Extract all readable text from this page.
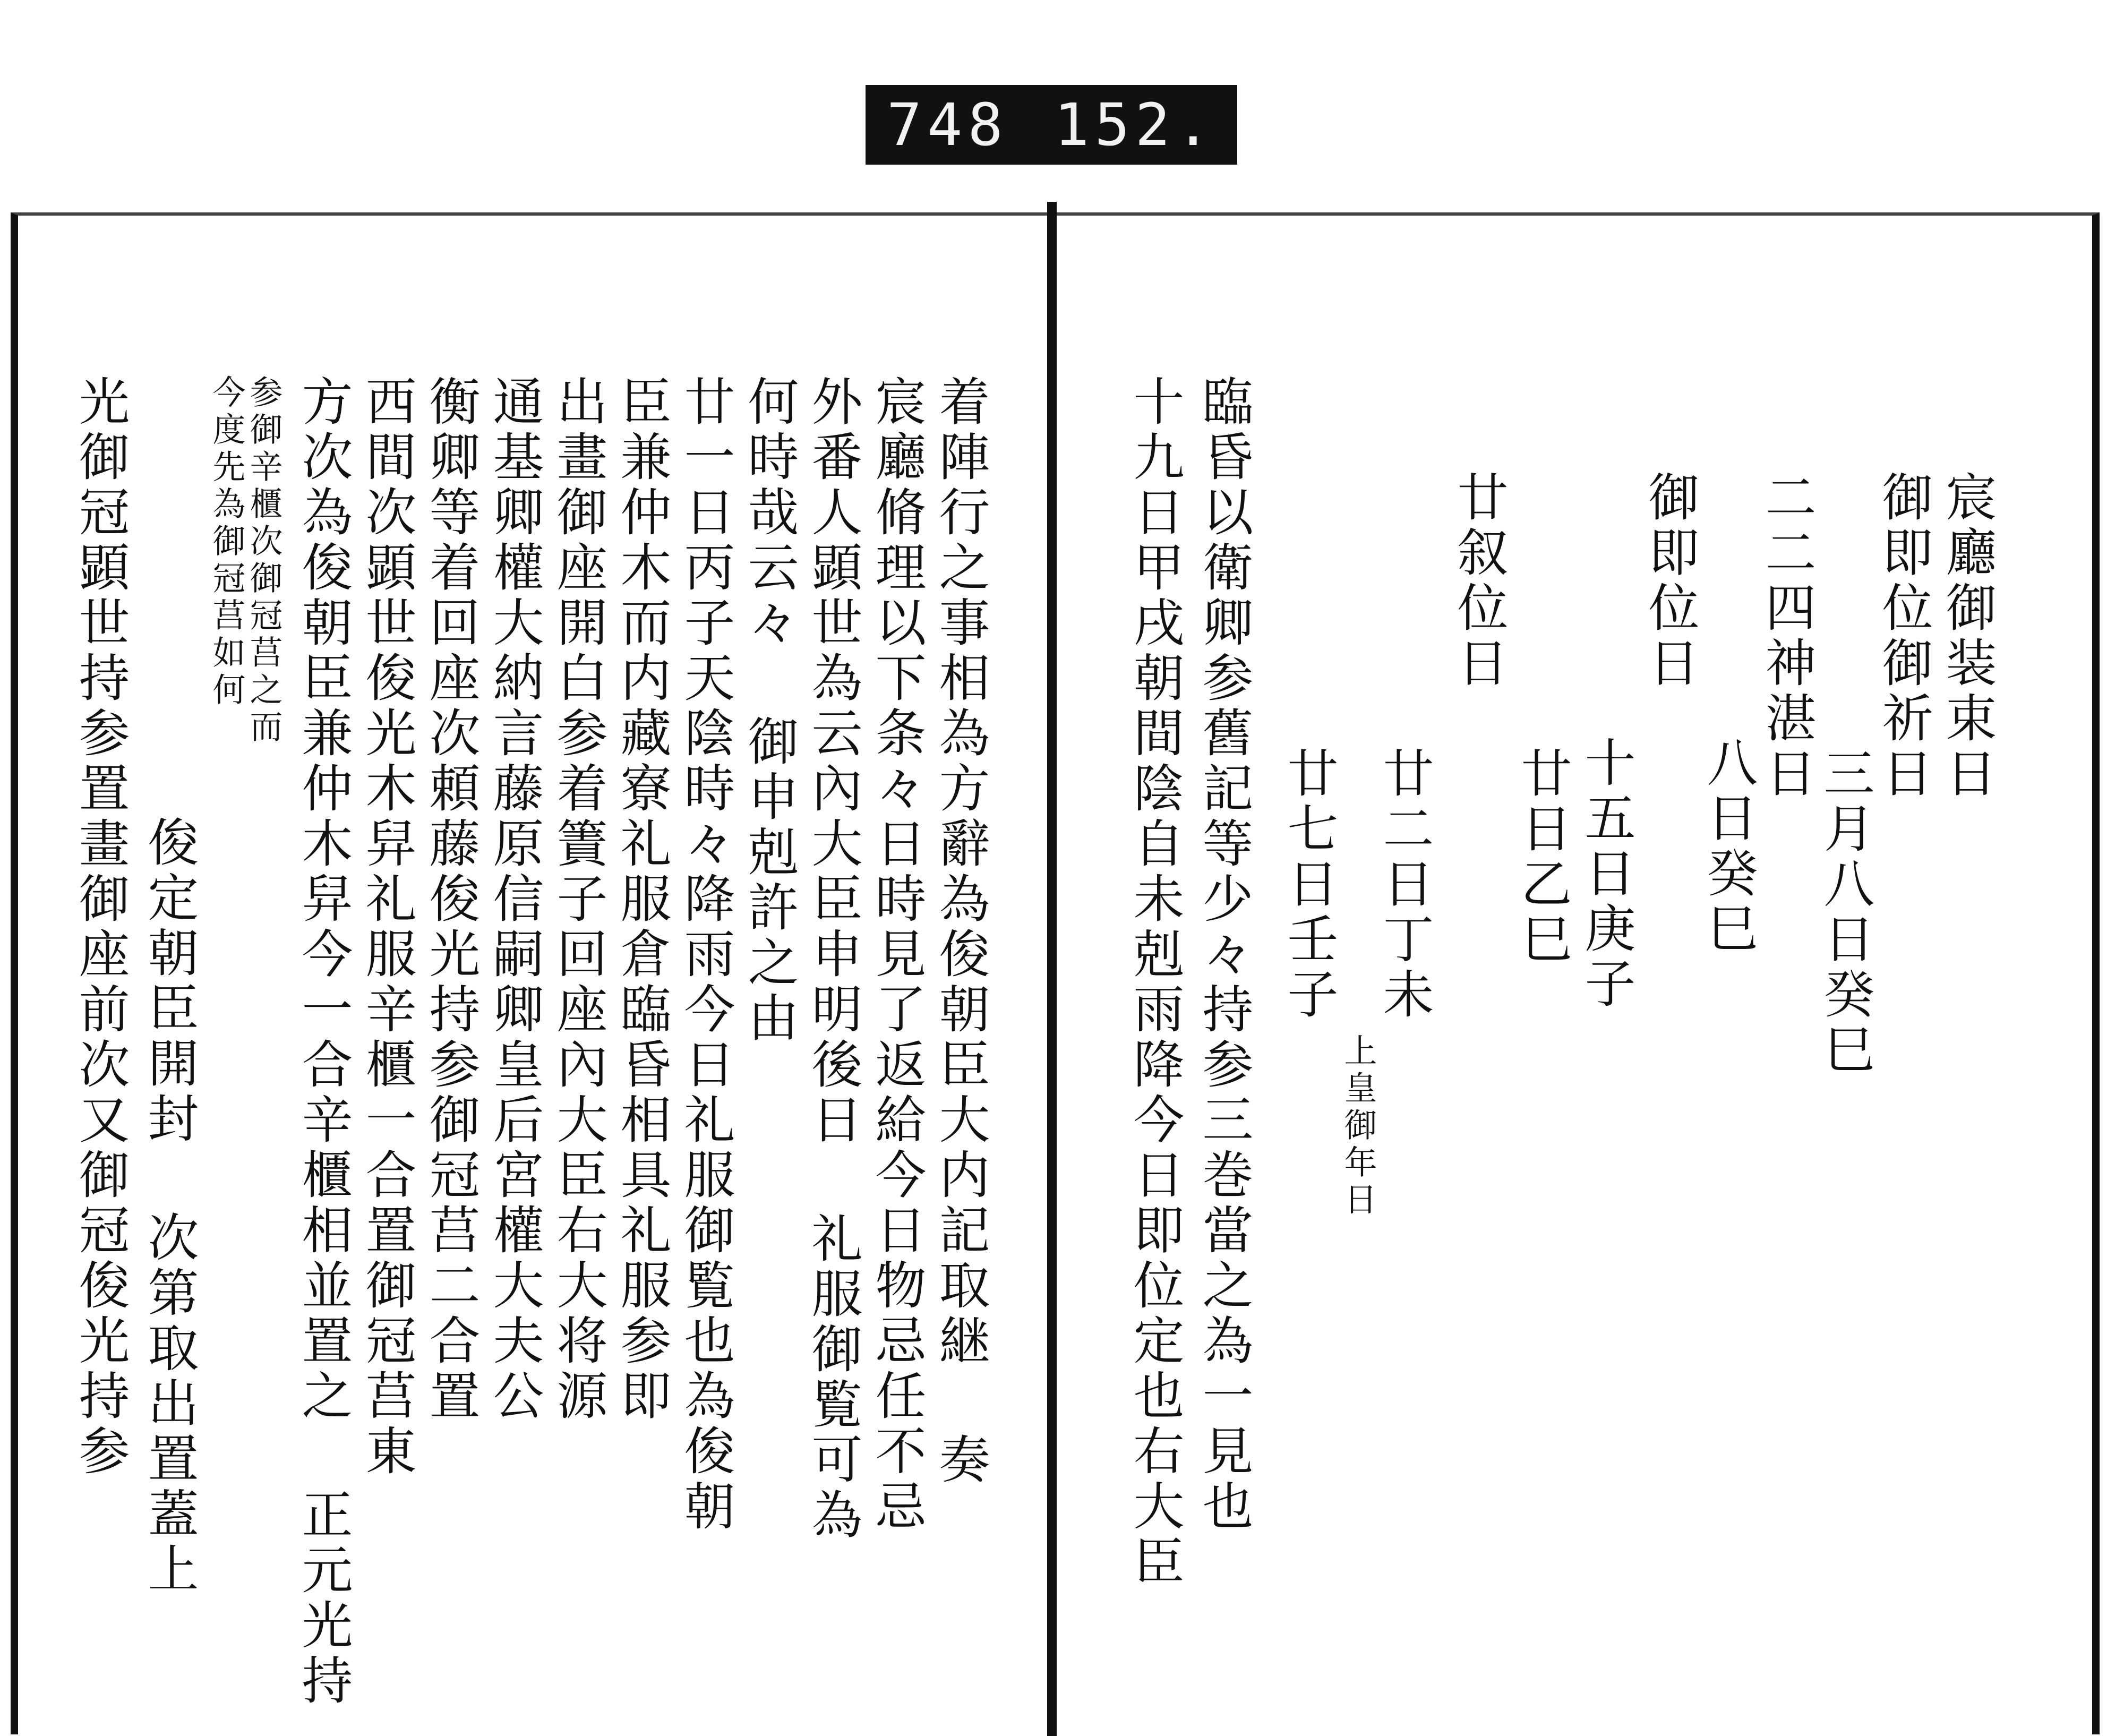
748 152.
着陣行之事相為方辭為俊朝臣大内記取継 奏
宸廳脩理以下条々日時見了返給今日物忌任不忌
外番人顕世為云內大臣申明後日 礼服御覧可為
何時哉云々 御申剋許之由
廿一日丙子天陰時々降雨今日礼服御覧也為俊朝
臣兼仲木而内藏寮礼服倉臨昏相具礼服参即
出畫御座開白参着簀子回座內大臣右大将源
通基卿權大納言藤原信嗣卿皇后宮權大夫公
衡卿等着回座次頼藤俊光持参御冠莒二合置
西間次顕世俊光木舁礼服辛櫃一合置御冠莒東
方次為俊朝臣兼仲木舁今一合辛櫃相並置之 正元光持
参御辛櫃次御冠莒之而
今度先為御冠莒如何
俊定朝臣開封 次第取出置蓋上
光御冠顕世持参置畫御座前次又御冠俊光持参	宸廳御装束日
御即位御祈日
三月八日癸巳
二二四神湛日
八日癸巳
御即位日
十五日庚子
廿日乙巳
廿叙位日
廿二日丁未
上皇御年日
廿七日壬子
臨昏以衛卿参舊記等少々持参三巻當之為一見也
十九日甲戌朝間陰自未剋雨降今日即位定也右大臣
